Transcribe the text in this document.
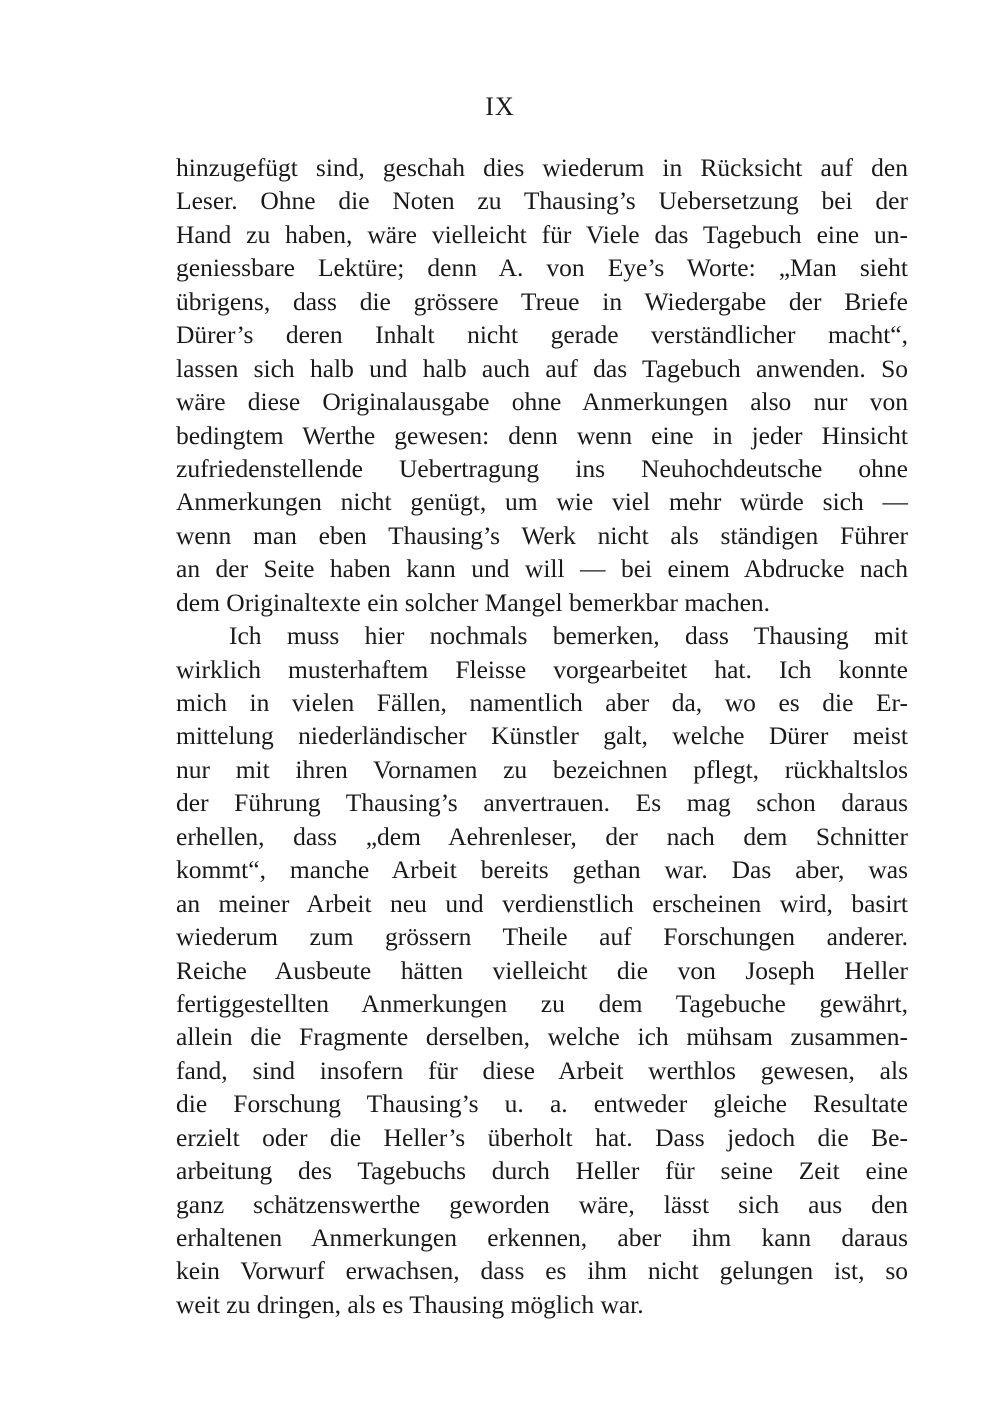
IX
hinzugefügt sind, geschah dies wiederum in Rücksicht auf den
Leser. Ohne die Noten zu Thausing’s Uebersetzung bei der
Hand zu haben, wäre vielleicht für Viele das Tagebuch eine un-
geniessbare Lektüre; denn A. von Eye’s Worte: „Man sieht
übrigens, dass die grössere Treue in Wiedergabe der Briefe
Dürer’s deren Inhalt nicht gerade verständlicher macht“,
lassen sich halb und halb auch auf das Tagebuch anwenden. So
wäre diese Originalausgabe ohne Anmerkungen also nur von
bedingtem Werthe gewesen: denn wenn eine in jeder Hinsicht
zufriedenstellende Uebertragung ins Neuhochdeutsche ohne
Anmerkungen nicht genügt, um wie viel mehr würde sich —
wenn man eben Thausing’s Werk nicht als ständigen Führer
an der Seite haben kann und will — bei einem Abdrucke nach
dem Originaltexte ein solcher Mangel bemerkbar machen.
Ich muss hier nochmals bemerken, dass Thausing mit
wirklich musterhaftem Fleisse vorgearbeitet hat. Ich konnte
mich in vielen Fällen, namentlich aber da, wo es die Er-
mittelung niederländischer Künstler galt, welche Dürer meist
nur mit ihren Vornamen zu bezeichnen pflegt, rückhaltslos
der Führung Thausing’s anvertrauen. Es mag schon daraus
erhellen, dass „dem Aehrenleser, der nach dem Schnitter
kommt“, manche Arbeit bereits gethan war. Das aber, was
an meiner Arbeit neu und verdienstlich erscheinen wird, basirt
wiederum zum grössern Theile auf Forschungen anderer.
Reiche Ausbeute hätten vielleicht die von Joseph Heller
fertiggestellten Anmerkungen zu dem Tagebuche gewährt,
allein die Fragmente derselben, welche ich mühsam zusammen-
fand, sind insofern für diese Arbeit werthlos gewesen, als
die Forschung Thausing’s u. a. entweder gleiche Resultate
erzielt oder die Heller’s überholt hat. Dass jedoch die Be-
arbeitung des Tagebuchs durch Heller für seine Zeit eine
ganz schätzenswerthe geworden wäre, lässt sich aus den
erhaltenen Anmerkungen erkennen, aber ihm kann daraus
kein Vorwurf erwachsen, dass es ihm nicht gelungen ist, so
weit zu dringen, als es Thausing möglich war.
